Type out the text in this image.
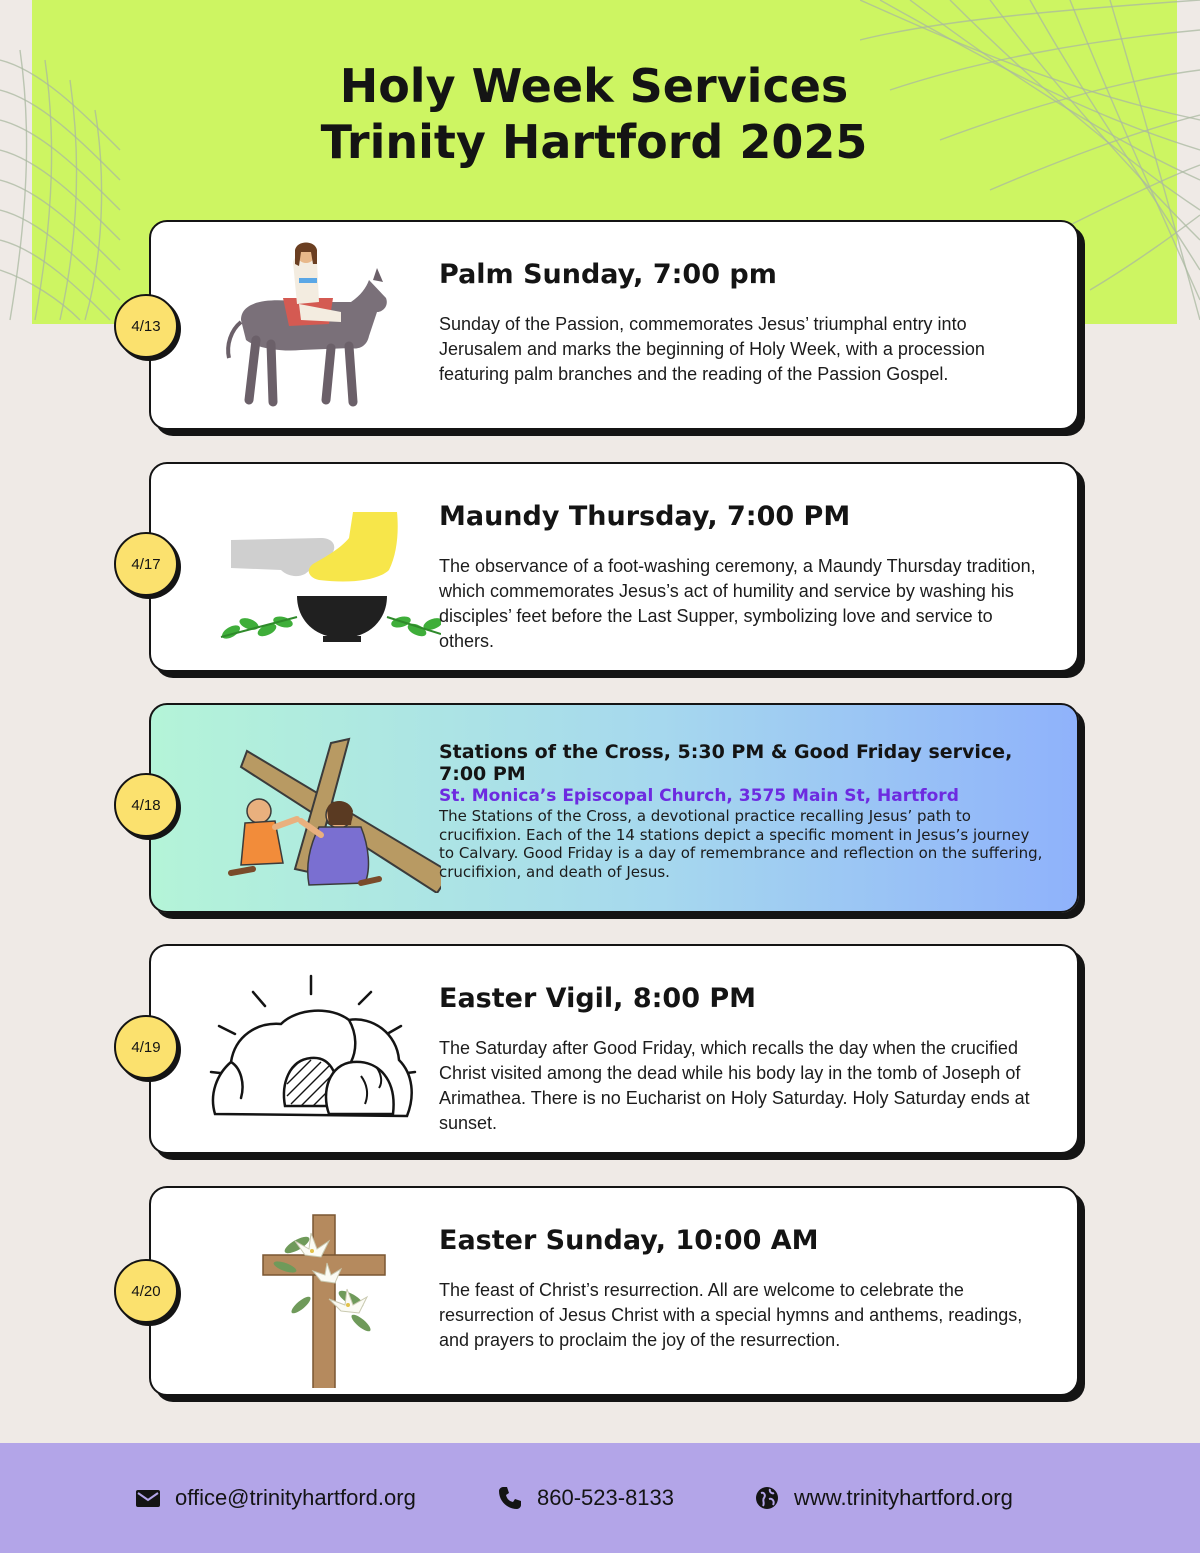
Holy Week Services
Trinity Hartford 2025
Palm Sunday, 7:00 pm
Sunday of the Passion, commemorates Jesus’ triumphal entry into Jerusalem and marks the beginning of Holy Week, with a procession featuring palm branches and the reading of the Passion Gospel.
4/13
Maundy Thursday, 7:00 PM
The observance of a foot-washing ceremony, a Maundy Thursday tradition, which commemorates Jesus’s act of humility and service by washing his disciples’ feet before the Last Supper, symbolizing love and service to others.
4/17
Stations of the Cross, 5:30 PM & Good Friday service, 7:00 PM
St. Monica’s Episcopal Church, 3575 Main St, Hartford
The Stations of the Cross, a devotional practice recalling Jesus’ path to crucifixion. Each of the 14 stations depict a specific moment in Jesus’s journey to Calvary. Good Friday is a day of remembrance and reflection on the suffering, crucifixion, and death of Jesus.
4/18
Easter Vigil, 8:00 PM
The Saturday after Good Friday, which recalls the day when the crucified Christ visited among the dead while his body lay in the tomb of Joseph of Arimathea. There is no Eucharist on Holy Saturday. Holy Saturday ends at sunset.
4/19
Easter Sunday, 10:00 AM
The feast of Christ’s resurrection. All are welcome to celebrate the resurrection of Jesus Christ with a special hymns and anthems, readings, and prayers to proclaim the joy of the resurrection.
4/20
office@trinityhartford.org	860-523-8133	www.trinityhartford.org
